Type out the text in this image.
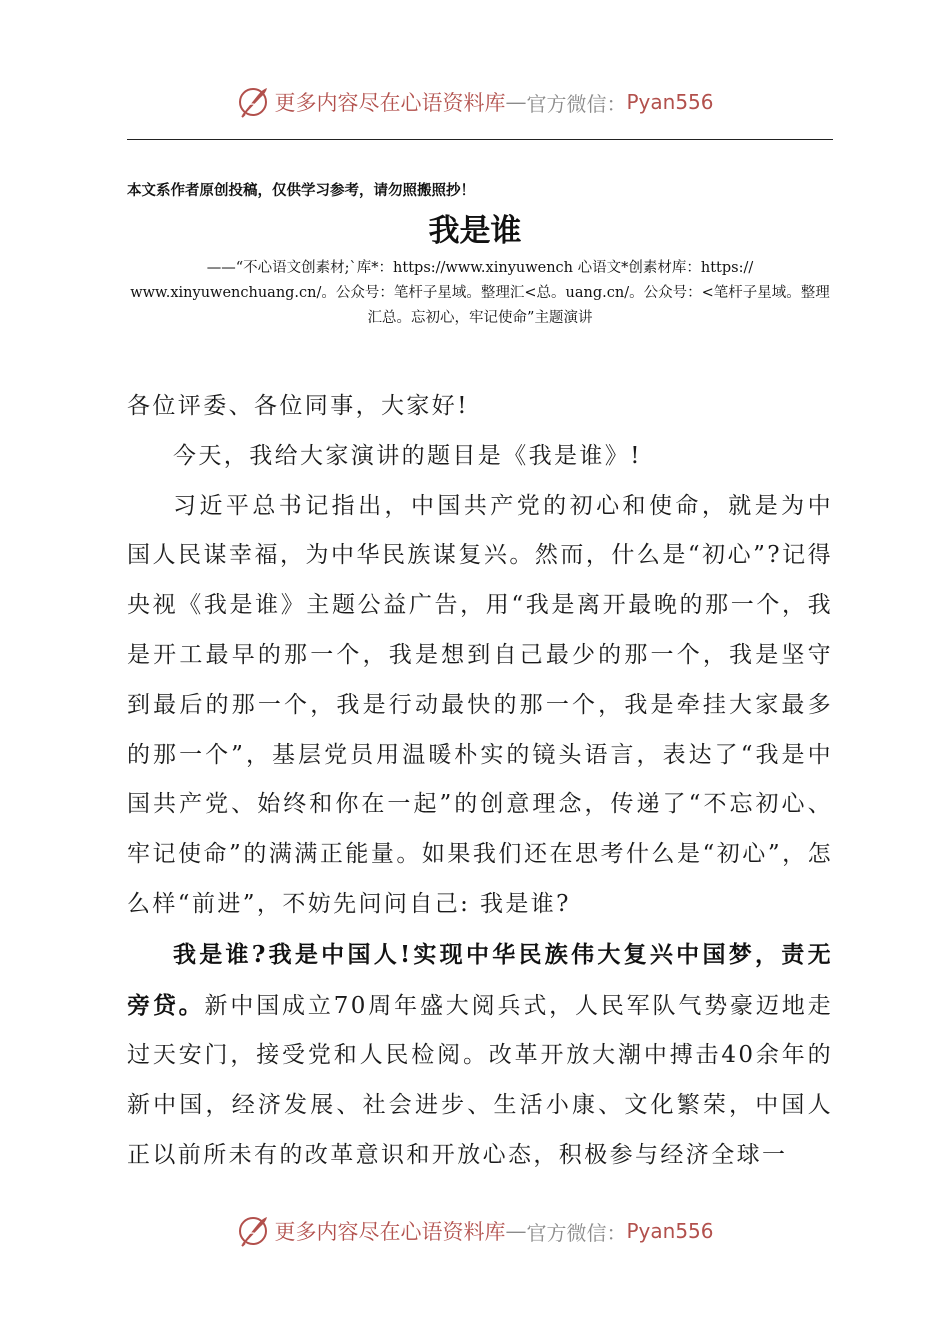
更多内容尽在心语资料库 — 官方微信： Pyan556
本文系作者原创投稿，仅供学习参考，请勿照搬照抄！
我是谁
——“不心语文创素材;`库*：https://www.xinyuwench 心语文*创素材库：https:// www.xinyuwenchuang.cn/。公众号：笔杆子星域。整理汇<总。uang.cn/。公众号：<笔杆子星域。整理汇总。忘初心，牢记使命”主题演讲

各位评委、各位同事，大家好!

今天，我给大家演讲的题目是《我是谁》!

习近平总书记指出，中国共产党的初心和使命，就是为中国人民谋幸福，为中华民族谋复兴。然而，什么是“初心”?记得央视《我是谁》主题公益广告，用“我是离开最晚的那一个，我是开工最早的那一个，我是想到自己最少的那一个，我是坚守到最后的那一个，我是行动最快的那一个，我是牵挂大家最多的那一个”，基层党员用温暖朴实的镜头语言，表达了“我是中国共产党、始终和你在一起”的创意理念，传递了“不忘初心、牢记使命”的满满正能量。如果我们还在思考什么是“初心”，怎么样“前进”，不妨先问问自己: 我是谁?

我是谁?我是中国人!实现中华民族伟大复兴中国梦，责无旁贷。新中国成立70周年盛大阅兵式，人民军队气势豪迈地走过天安门，接受党和人民检阅。改革开放大潮中搏击40余年的新中国，经济发展、社会进步、生活小康、文化繁荣，中国人正以前所未有的改革意识和开放心态，积极参与经济全球一

更多内容尽在心语资料库 — 官方微信： Pyan556
